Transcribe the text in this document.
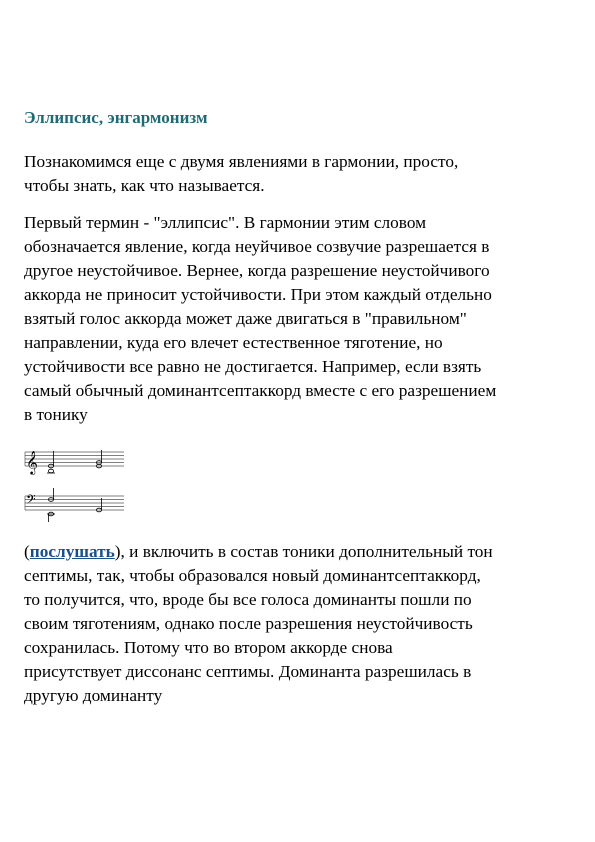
Эллипсис, энгармонизм

Познакомимся еще с двумя явлениями в гармонии, просто,
чтобы знать, как что называется.

Первый термин - "эллипсис". В гармонии этим словом
обозначается явление, когда неуйчивое созвучие разрешается в
другое неустойчивое. Вернее, когда разрешение неустойчивого
аккорда не приносит устойчивости. При этом каждый отдельно
взятый голос аккорда может даже двигаться в "правильном"
направлении, куда его влечет естественное тяготение, но
устойчивости все равно не достигается. Например, если взять
самый обычный доминантсептаккорд вместе с его разрешением
в тонику

𝄞
𝄢

(послушать), и включить в состав тоники дополнительный тон
септимы, так, чтобы образовался новый доминантсептаккорд,
то получится, что, вроде бы все голоса доминанты пошли по
своим тяготениям, однако после разрешения неустойчивость
сохранилась. Потому что во втором аккорде снова
присутствует диссонанс септимы. Доминанта разрешилась в
другую доминанту
